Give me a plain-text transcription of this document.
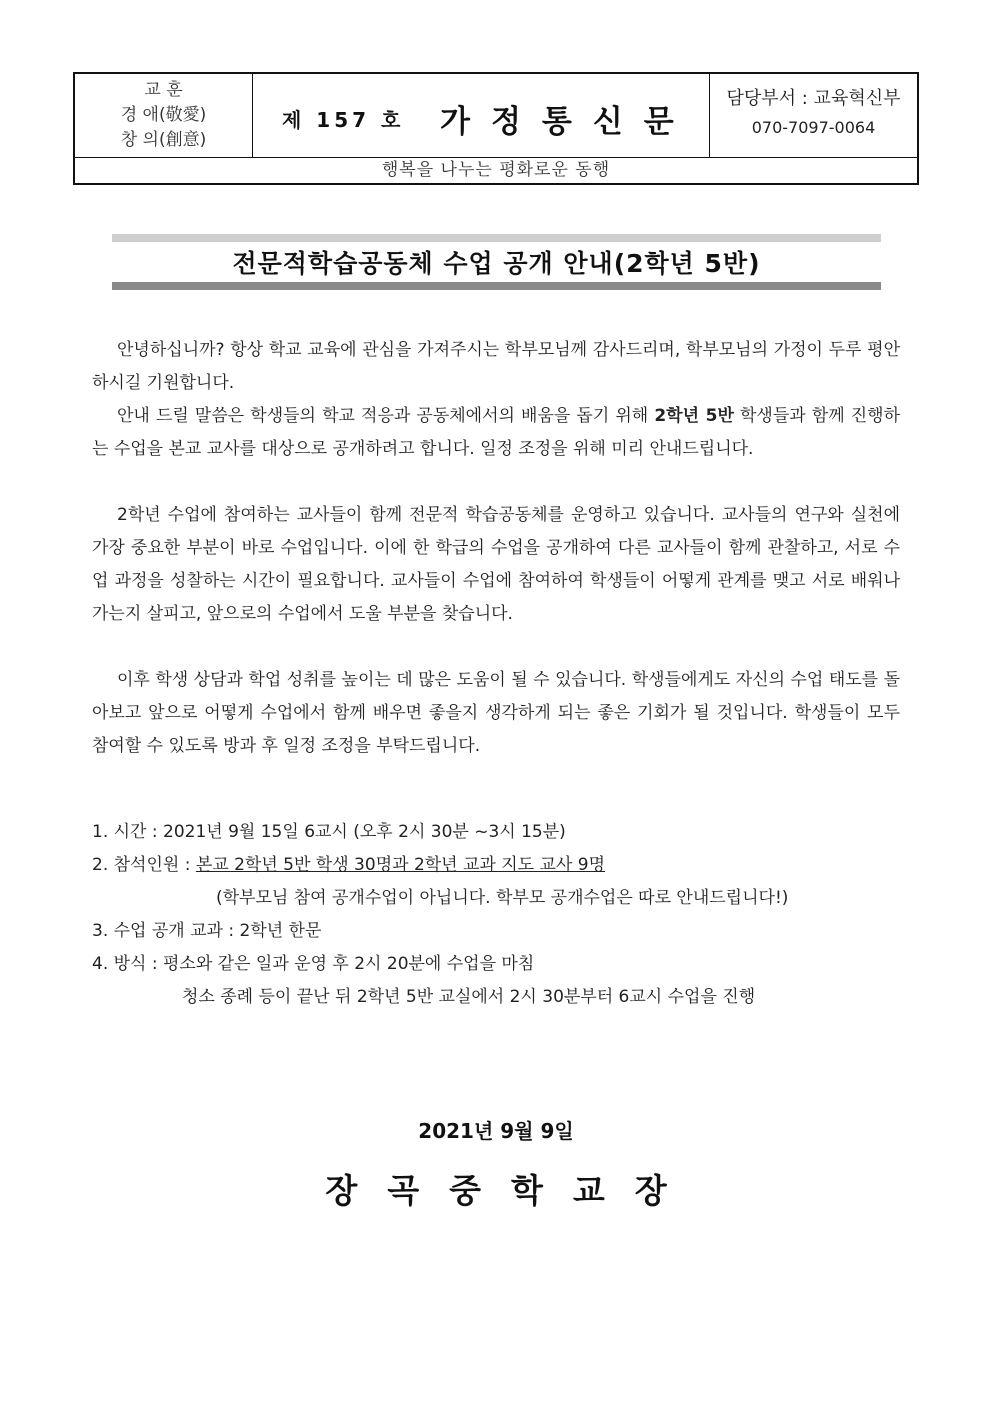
교 훈
경 애(敬愛)
창 의(創意)
제 157 호 가정통신문
담당부서 : 교육혁신부
070-7097-0064
행복을 나누는 평화로운 동행
전문적학습공동체 수업 공개 안내(2학년 5반)

안녕하십니까? 항상 학교 교육에 관심을 가져주시는 학부모님께 감사드리며, 학부모님의 가정이 두루 평안 하시길 기원합니다.

안내 드릴 말씀은 학생들의 학교 적응과 공동체에서의 배움을 돕기 위해 2학년 5반 학생들과 함께 진행하는 수업을 본교 교사를 대상으로 공개하려고 합니다. 일정 조정을 위해 미리 안내드립니다.

2학년 수업에 참여하는 교사들이 함께 전문적 학습공동체를 운영하고 있습니다. 교사들의 연구와 실천에 가장 중요한 부분이 바로 수업입니다. 이에 한 학급의 수업을 공개하여 다른 교사들이 함께 관찰하고, 서로 수업 과정을 성찰하는 시간이 필요합니다. 교사들이 수업에 참여하여 학생들이 어떻게 관계를 맺고 서로 배워나가는지 살피고, 앞으로의 수업에서 도울 부분을 찾습니다.

이후 학생 상담과 학업 성취를 높이는 데 많은 도움이 될 수 있습니다. 학생들에게도 자신의 수업 태도를 돌아보고 앞으로 어떻게 수업에서 함께 배우면 좋을지 생각하게 되는 좋은 기회가 될 것입니다. 학생들이 모두 참여할 수 있도록 방과 후 일정 조정을 부탁드립니다.

1. 시간 : 2021년 9월 15일 6교시 (오후 2시 30분 ~3시 15분)
2. 참석인원 : 본교 2학년 5반 학생 30명과 2학년 교과 지도 교사 9명
(학부모님 참여 공개수업이 아닙니다. 학부모 공개수업은 따로 안내드립니다!)
3. 수업 공개 교과 : 2학년 한문
4. 방식 : 평소와 같은 일과 운영 후 2시 20분에 수업을 마침
청소 종례 등이 끝난 뒤 2학년 5반 교실에서 2시 30분부터 6교시 수업을 진행
2021년 9월 9일
장곡중학교장
